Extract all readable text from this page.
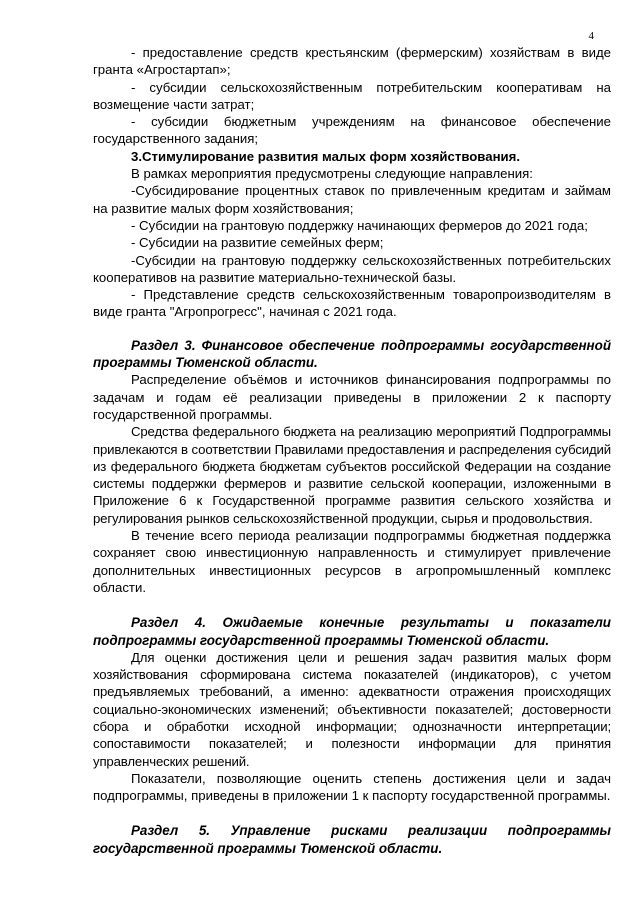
4

- предоставление средств крестьянским (фермерским) хозяйствам в виде гранта «Агростартап»;

- субсидии сельскохозяйственным потребительским кооперативам на возмещение части затрат;

- субсидии бюджетным учреждениям на финансовое обеспечение государственного задания;

3.Стимулирование развития малых форм хозяйствования.

В рамках мероприятия предусмотрены следующие направления:

-Субсидирование процентных ставок по привлеченным кредитам и займам на развитие малых форм хозяйствования;

- Субсидии на грантовую поддержку начинающих фермеров до 2021 года;

- Субсидии на развитие семейных ферм;

-Субсидии на грантовую поддержку сельскохозяйственных потребительских кооперативов на развитие материально-технической базы.

- Представление средств сельскохозяйственным товаропроизводителям в виде гранта "Агропрогресс", начиная с 2021 года.

Раздел 3. Финансовое обеспечение подпрограммы государственной программы Тюменской области.

Распределение объёмов и источников финансирования подпрограммы по задачам и годам её реализации приведены в приложении 2 к паспорту государственной программы.

Средства федерального бюджета на реализацию мероприятий Подпрограммы привлекаются в соответствии Правилами предоставления и распределения субсидий из федерального бюджета бюджетам субъектов российской Федерации на создание системы поддержки фермеров и развитие сельской кооперации, изложенными в Приложение 6 к Государственной программе развития сельского хозяйства и регулирования рынков сельскохозяйственной продукции, сырья и продовольствия.

В течение всего периода реализации подпрограммы бюджетная поддержка сохраняет свою инвестиционную направленность и стимулирует привлечение дополнительных инвестиционных ресурсов в агропромышленный комплекс области.

Раздел 4. Ожидаемые конечные результаты и показатели подпрограммы государственной программы Тюменской области.

Для оценки достижения цели и решения задач развития малых форм хозяйствования сформирована система показателей (индикаторов), с учетом предъявляемых требований, а именно: адекватности отражения происходящих социально-экономических изменений; объективности показателей; достоверности сбора и обработки исходной информации; однозначности интерпретации; сопоставимости показателей; и полезности информации для принятия управленческих решений.

Показатели, позволяющие оценить степень достижения цели и задач подпрограммы, приведены в приложении 1 к паспорту государственной программы.

Раздел 5. Управление рисками реализации подпрограммы государственной программы Тюменской области.
